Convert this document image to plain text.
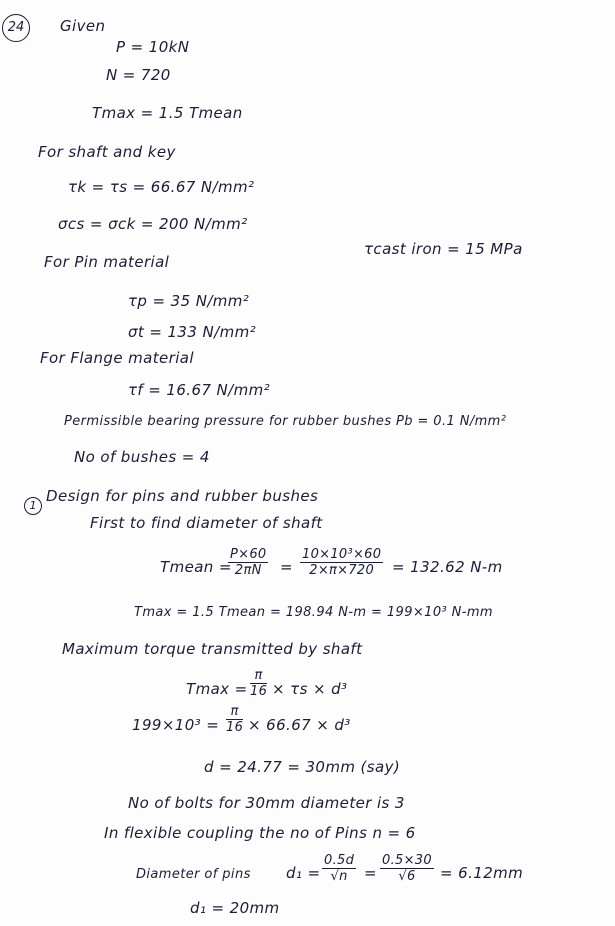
24	Given
P = 10kN
N = 720
Tmax = 1.5 Tmean
For shaft and key
τk = τs = 66.67 N/mm²
σcs = σck = 200 N/mm²
τcast iron = 15 MPa
For Pin material
τp = 35 N/mm²
σt = 133 N/mm²
For Flange material
τf = 16.67 N/mm²
Permissible bearing pressure for rubber bushes Pb = 0.1 N/mm²
No of bushes = 4
1
Design for pins and rubber bushes
First to find diameter of shaft
Tmean =
$\frac{P\times 60}{2\pi N} = \frac{\text{10×10³×60}}{2\times\pi\times 720} = 132.62$ N-m
Tmax = 1.5 Tmean = 198.94 N-m = 199×10³ N-mm
Maximum torque transmitted by shaft
$Tmax = \frac{\pi}{16} \times \tau s \times d^3$
$199\times 10^3 = \frac{\pi}{16} \times 66.67 \times d^3$
d = 24.77 = 30mm (say)
No of bolts for 30mm diameter is 3
In flexible coupling the no of Pins n = 6
Diameter of pins $d_1 = \frac{0.5d}{√n} = \frac{0.5\times 30}{√6} = 6.12mm$
d₁ = 20mm
